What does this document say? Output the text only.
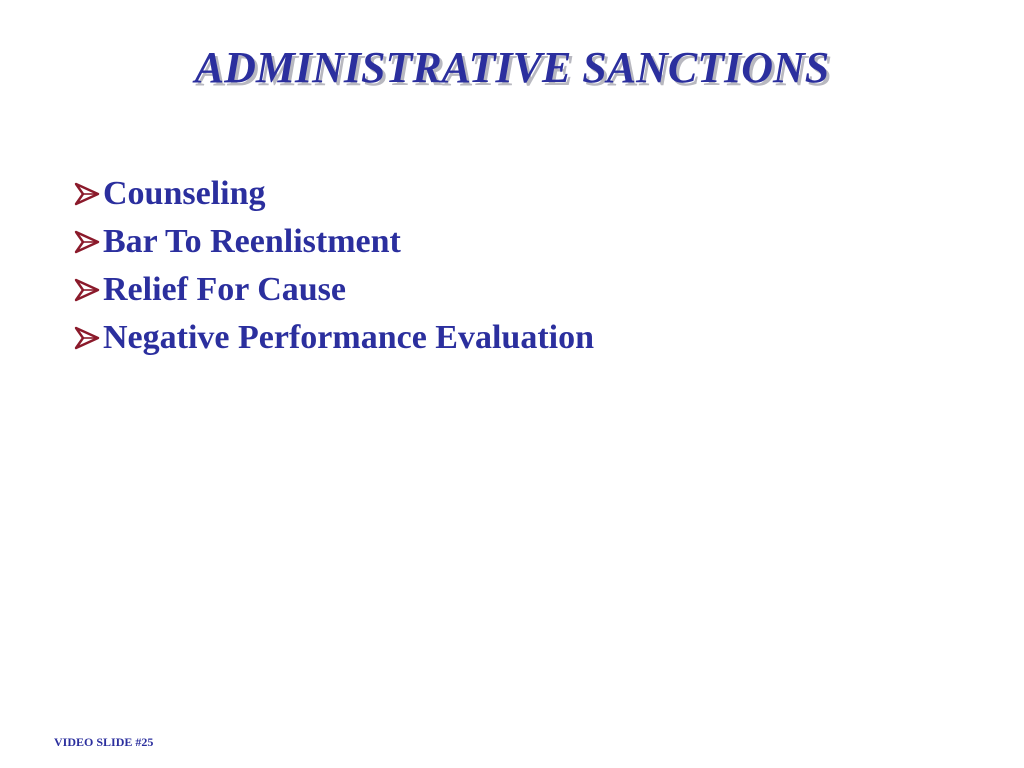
ADMINISTRATIVE SANCTIONS
Counseling
Bar To Reenlistment
Relief For Cause
Negative Performance Evaluation
VIDEO SLIDE #25
